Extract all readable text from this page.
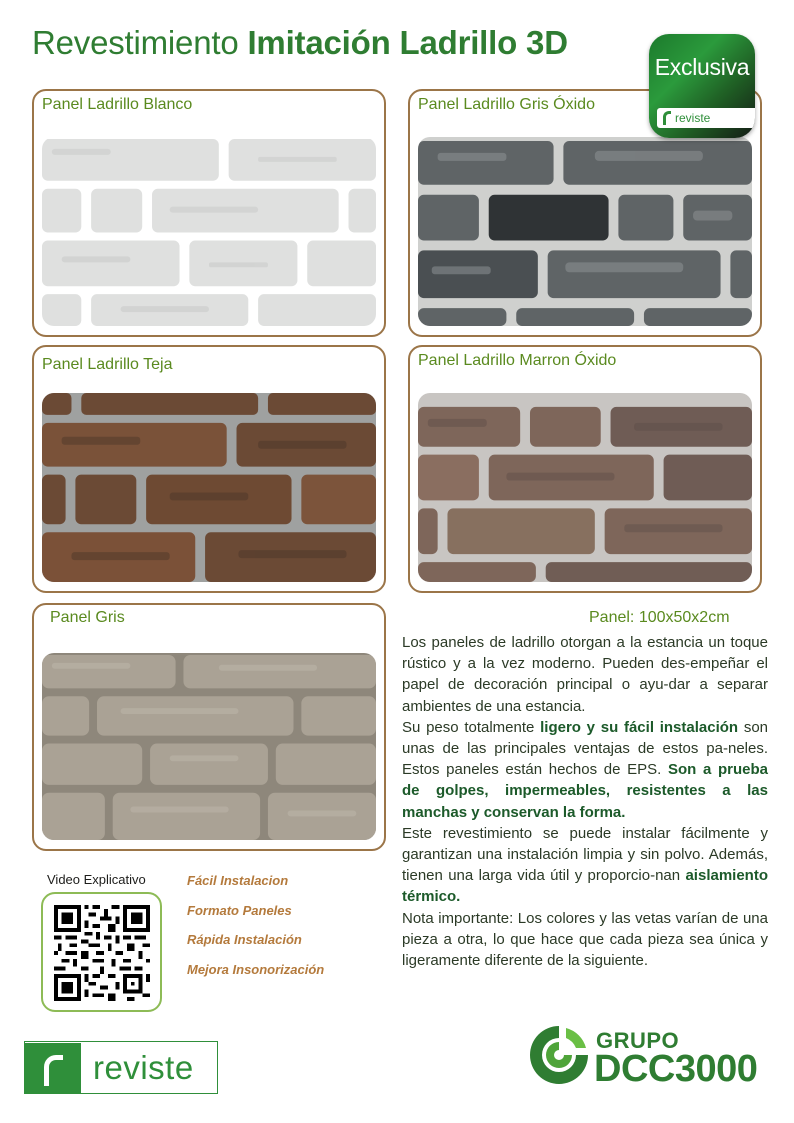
Revestimiento Imitación Ladrillo 3D
Panel Ladrillo Blanco	Panel Ladrillo Gris Óxido
Exclusiva
reviste
Panel Ladrillo Teja	Panel Ladrillo Marron Óxido
Panel Gris	Panel: 100x50x2cm

Los paneles de ladrillo otorgan a la estancia un toque rústico y a la vez moderno. Pueden des-empeñar el papel de decoración principal o ayu-dar a separar ambientes de una estancia.

Su peso totalmente ligero y su fácil instalación son unas de las principales ventajas de estos pa-neles. Estos paneles están hechos de EPS. Son a prueba de golpes, impermeables, resistentes a las manchas y conservan la forma.

Este revestimiento se puede instalar fácilmente y garantizan una instalación limpia y sin polvo. Además, tienen una larga vida útil y proporcio-nan aislamiento térmico.

Nota importante: Los colores y las vetas varían de una pieza a otra, lo que hace que cada pieza sea única y ligeramente diferente de la siguiente.

Video Explicativo	Fácil Instalacion
Formato Paneles
Rápida Instalación
Mejora Insonorización
reviste
GRUPO
DCC3000
